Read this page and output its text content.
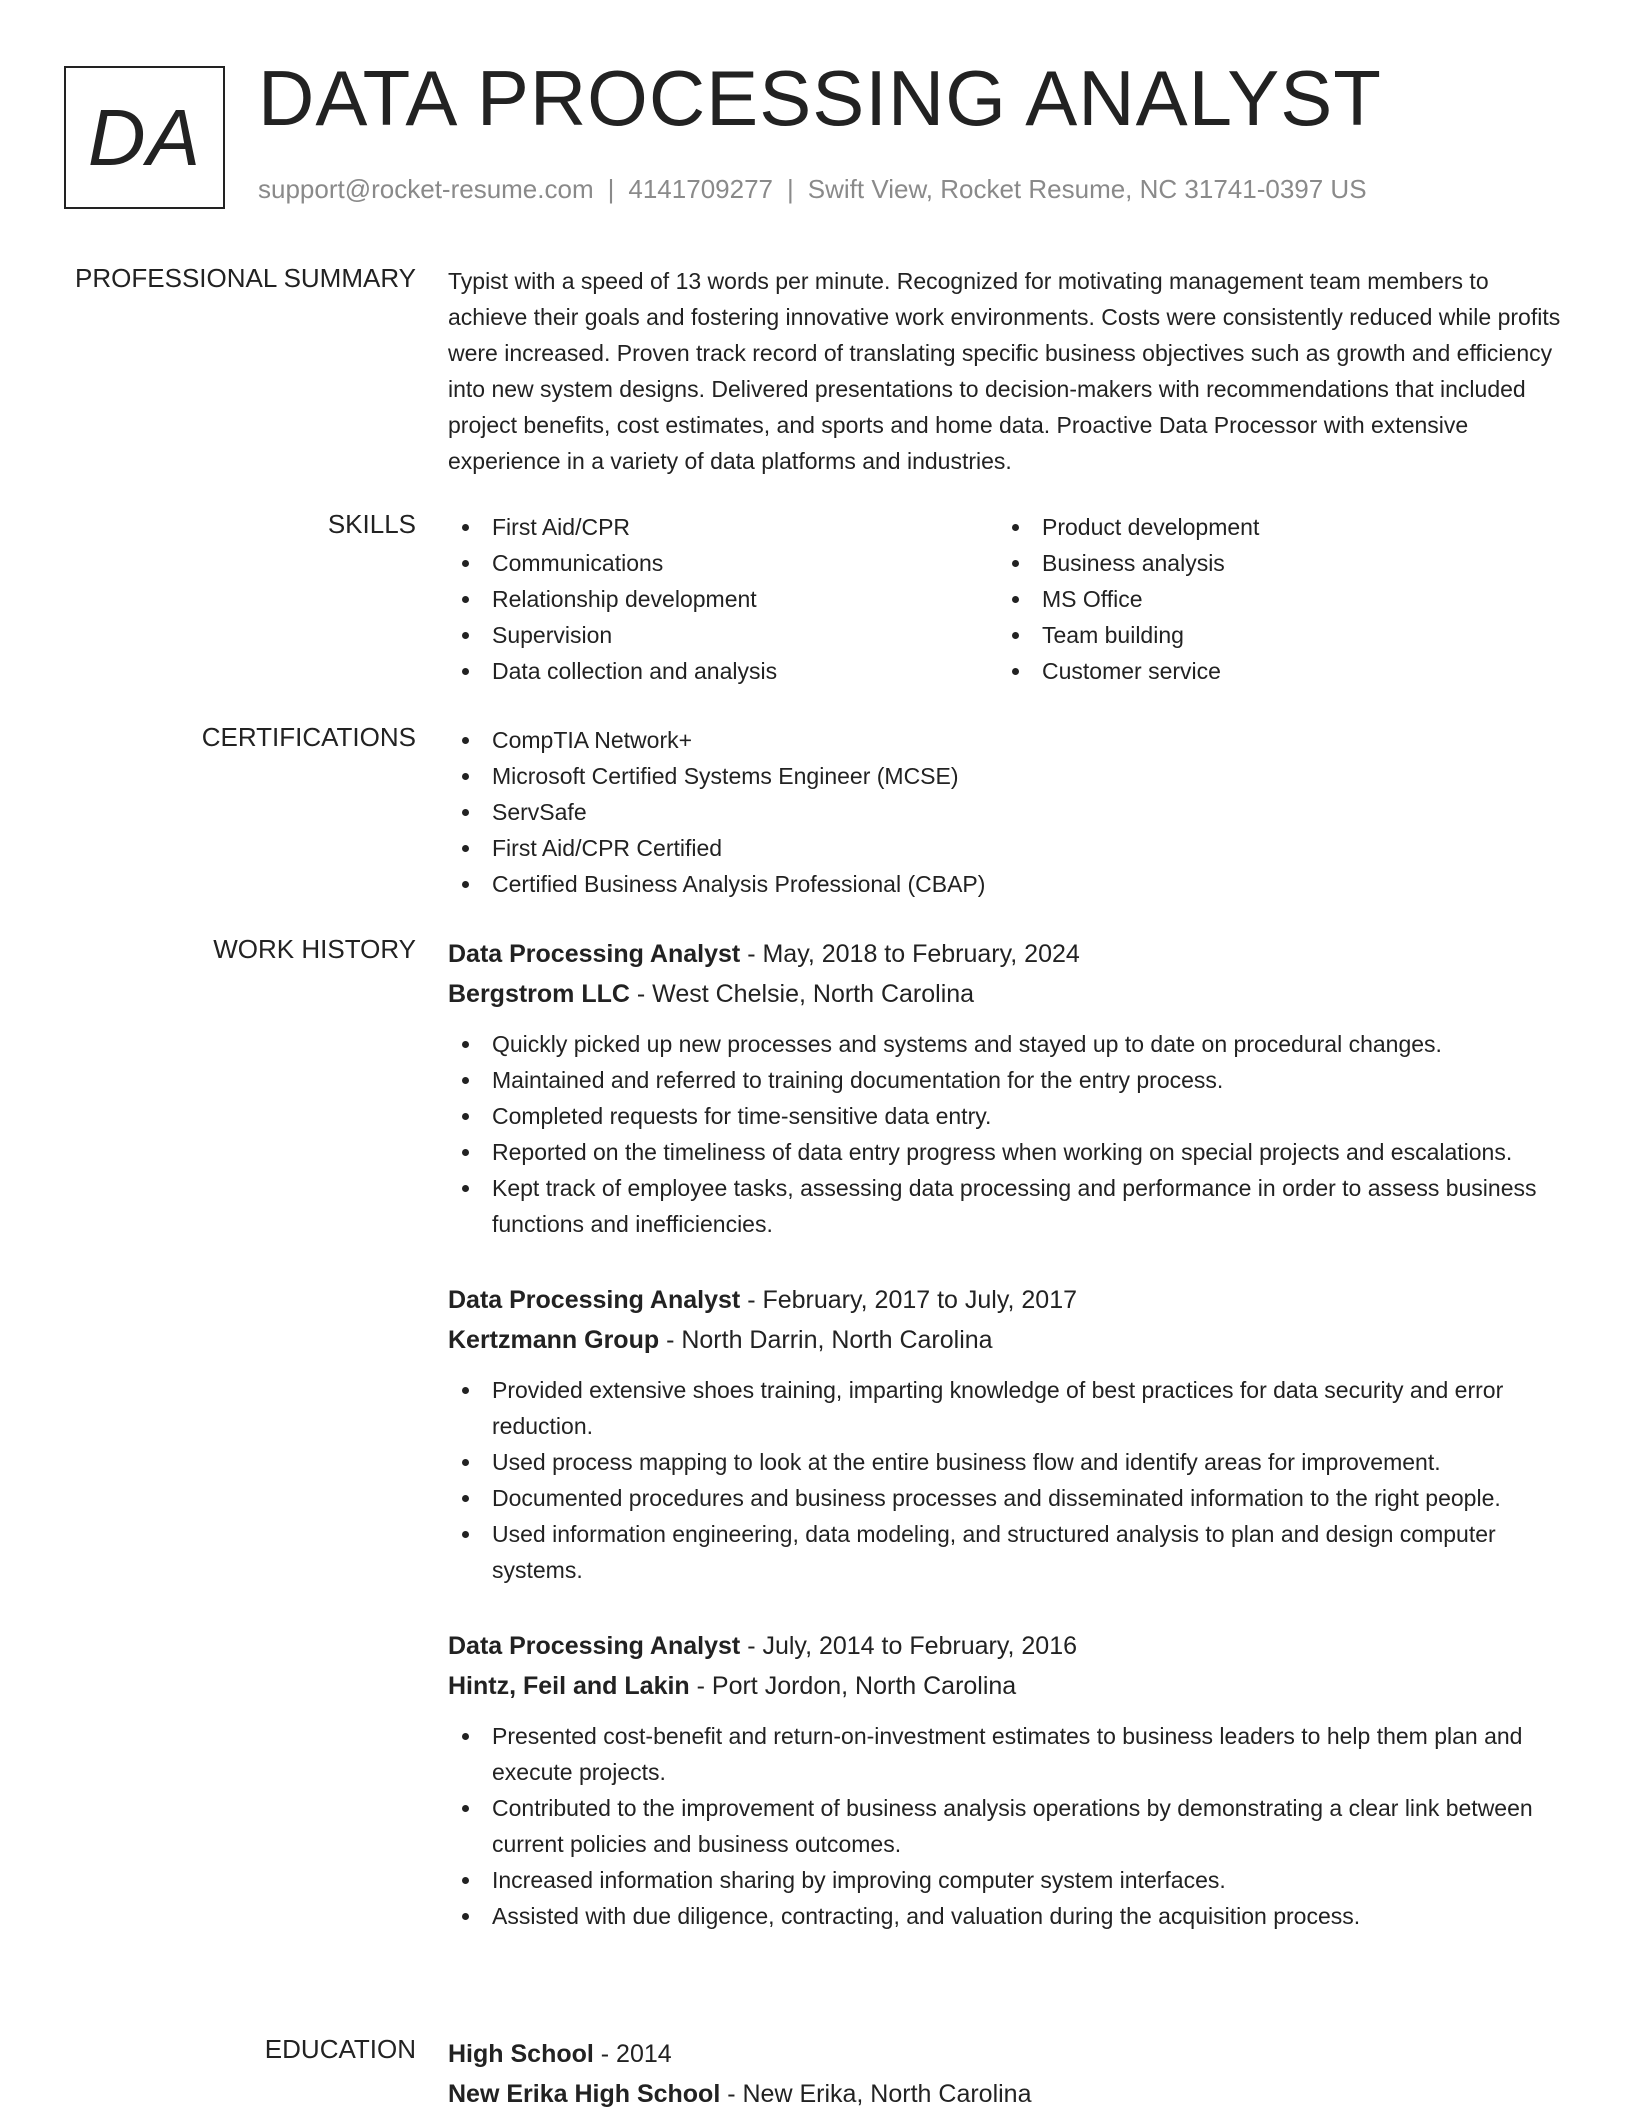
DA DATA PROCESSING ANALYST
support@rocket-resume.com | 4141709277 | Swift View, Rocket Resume, NC 31741-0397 US
PROFESSIONAL SUMMARY Typist with a speed of 13 words per minute. Recognized for motivating management team members to achieve their goals and fostering innovative work environments. Costs were consistently reduced while profits were increased. Proven track record of translating specific business objectives such as growth and efficiency into new system designs. Delivered presentations to decision-makers with recommendations that included project benefits, cost estimates, and sports and home data. Proactive Data Processor with extensive experience in a variety of data platforms and industries.
SKILLS	First Aid/CPR
Communications
Relationship development
Supervision
Data collection and analysis
Product development
Business analysis
MS Office
Team building
Customer service
CERTIFICATIONS	CompTIA Network+
Microsoft Certified Systems Engineer (MCSE)
ServSafe
First Aid/CPR Certified
Certified Business Analysis Professional (CBAP)
WORK HISTORY Data Processing Analyst - May, 2018 to February, 2024
Bergstrom LLC - West Chelsie, North Carolina
Quickly picked up new processes and systems and stayed up to date on procedural changes.
Maintained and referred to training documentation for the entry process.
Completed requests for time-sensitive data entry.
Reported on the timeliness of data entry progress when working on special projects and escalations.
Kept track of employee tasks, assessing data processing and performance in order to assess business functions and inefficiencies.
Data Processing Analyst - February, 2017 to July, 2017
Kertzmann Group - North Darrin, North Carolina
Provided extensive shoes training, imparting knowledge of best practices for data security and error reduction.
Used process mapping to look at the entire business flow and identify areas for improvement.
Documented procedures and business processes and disseminated information to the right people.
Used information engineering, data modeling, and structured analysis to plan and design computer systems.
Data Processing Analyst - July, 2014 to February, 2016
Hintz, Feil and Lakin - Port Jordon, North Carolina
Presented cost-benefit and return-on-investment estimates to business leaders to help them plan and execute projects.
Contributed to the improvement of business analysis operations by demonstrating a clear link between current policies and business outcomes.
Increased information sharing by improving computer system interfaces.
Assisted with due diligence, contracting, and valuation during the acquisition process.
EDUCATION High School - 2014
New Erika High School - New Erika, North Carolina
